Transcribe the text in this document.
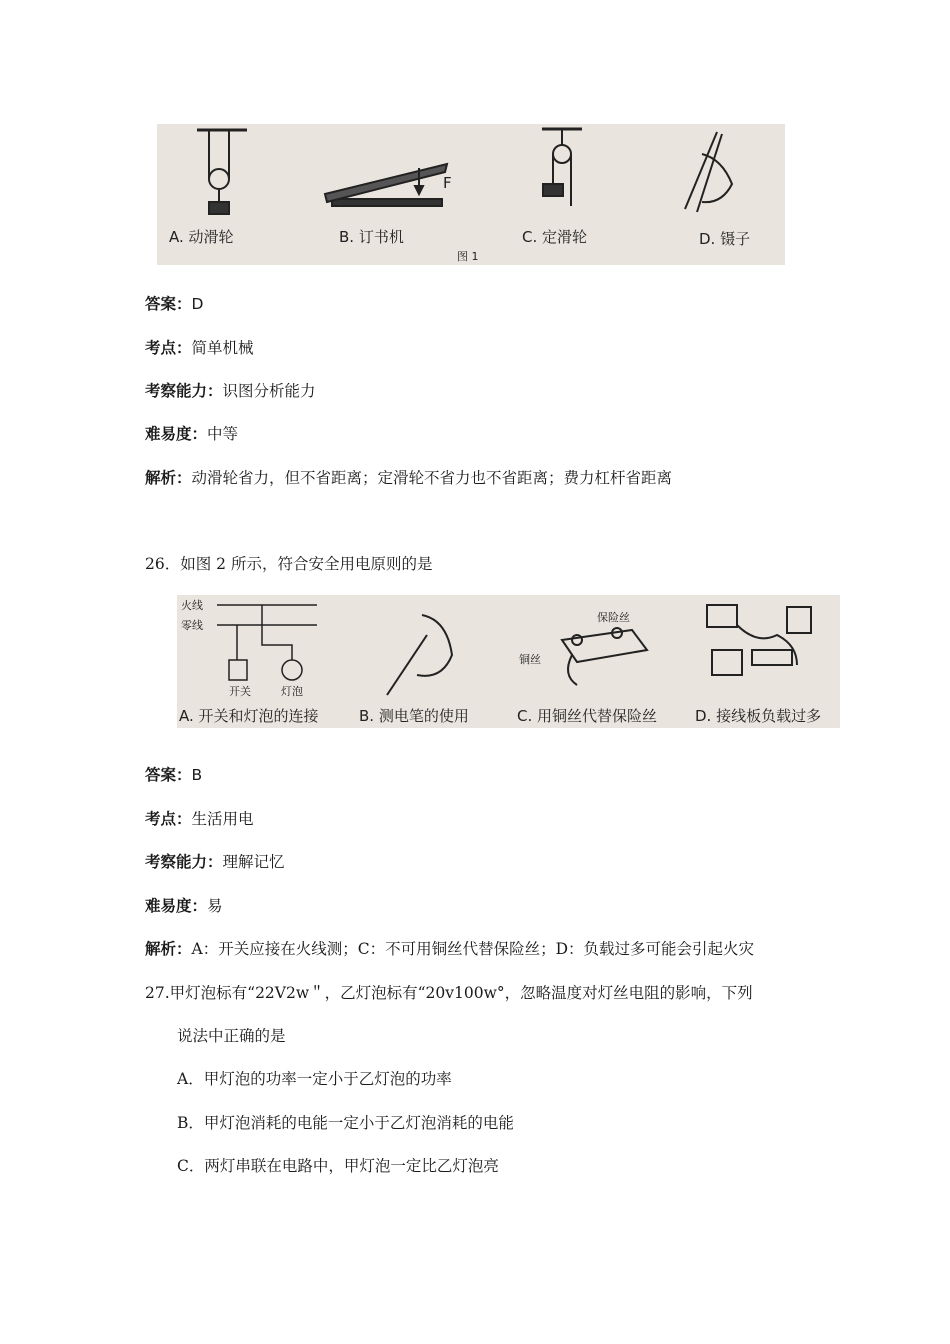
F
A. 动滑轮	B. 订书机	C. 定滑轮	D. 镊子
图 1
答案：D
考点：简单机械
考察能力：识图分析能力
难易度：中等
解析：动滑轮省力，但不省距离；定滑轮不省力也不省距离；费力杠杆省距离
26．如图 2 所示，符合安全用电原则的是
火线
零线
开关	灯泡
保险丝
铜丝
A. 开关和灯泡的连接	B. 测电笔的使用	C. 用铜丝代替保险丝	D. 接线板负载过多
答案：B
考点：生活用电
考察能力：理解记忆
难易度：易
解析：A：开关应接在火线测；C：不可用铜丝代替保险丝；D：负载过多可能会引起火灾
27.甲灯泡标有“22V2w＂，乙灯泡标有“20v100w°，忽略温度对灯丝电阻的影响，下列
说法中正确的是
A．甲灯泡的功率一定小于乙灯泡的功率
B．甲灯泡消耗的电能一定小于乙灯泡消耗的电能
C．两灯串联在电路中，甲灯泡一定比乙灯泡亮
